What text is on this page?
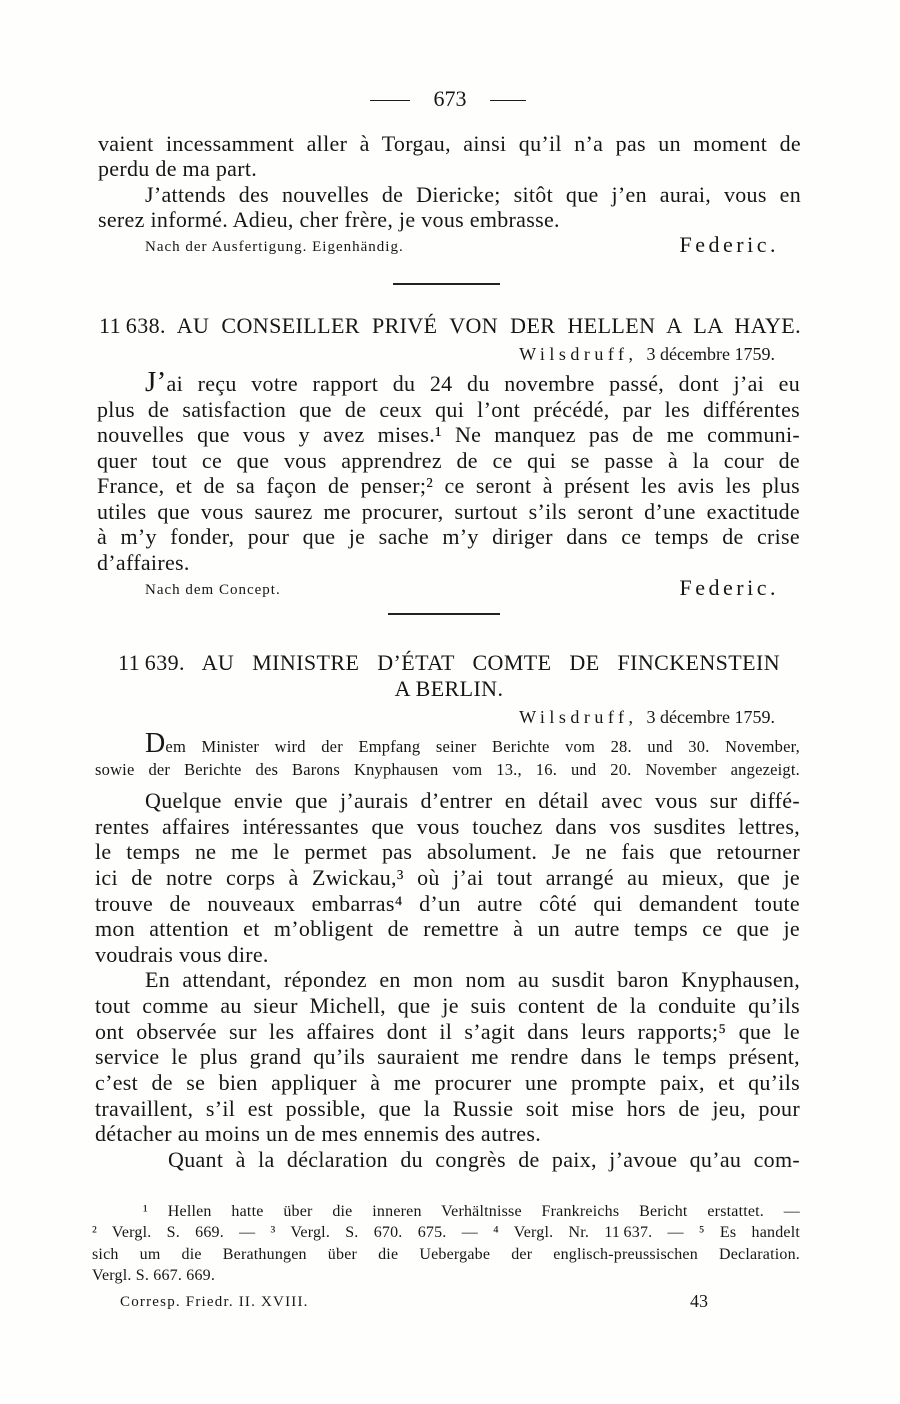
673
vaient incessamment aller à Torgau, ainsi qu’il n’a pas un moment de
perdu de ma part.
J’attends des nouvelles de Diericke; sitôt que j’en aurai, vous en
serez informé. Adieu, cher frère, je vous embrasse.
Nach der Ausfertigung. Eigenhändig.	Federic.
11 638. AU CONSEILLER PRIVÉ VON DER HELLEN A LA HAYE.
Wilsdruff, 3 décembre 1759.
J’ai reçu votre rapport du 24 du novembre passé, dont j’ai eu
plus de satisfaction que de ceux qui l’ont précédé, par les différentes
nouvelles que vous y avez mises.¹ Ne manquez pas de me communi-
quer tout ce que vous apprendrez de ce qui se passe à la cour de
France, et de sa façon de penser;² ce seront à présent les avis les plus
utiles que vous saurez me procurer, surtout s’ils seront d’une exactitude
à m’y fonder, pour que je sache m’y diriger dans ce temps de crise
d’affaires.
Nach dem Concept.	Federic.
11 639. AU MINISTRE D’ÉTAT COMTE DE FINCKENSTEIN
A BERLIN.
Wilsdruff, 3 décembre 1759.
Dem Minister wird der Empfang seiner Berichte vom 28. und 30. November,
sowie der Berichte des Barons Knyphausen vom 13., 16. und 20. November angezeigt.
Quelque envie que j’aurais d’entrer en détail avec vous sur diffé-
rentes affaires intéressantes que vous touchez dans vos susdites lettres,
le temps ne me le permet pas absolument. Je ne fais que retourner
ici de notre corps à Zwickau,³ où j’ai tout arrangé au mieux, que je
trouve de nouveaux embarras⁴ d’un autre côté qui demandent toute
mon attention et m’obligent de remettre à un autre temps ce que je
voudrais vous dire.
En attendant, répondez en mon nom au susdit baron Knyphausen,
tout comme au sieur Michell, que je suis content de la conduite qu’ils
ont observée sur les affaires dont il s’agit dans leurs rapports;⁵ que le
service le plus grand qu’ils sauraient me rendre dans le temps présent,
c’est de se bien appliquer à me procurer une prompte paix, et qu’ils
travaillent, s’il est possible, que la Russie soit mise hors de jeu, pour
détacher au moins un de mes ennemis des autres.
Quant à la déclaration du congrès de paix, j’avoue qu’au com-
¹ Hellen hatte über die inneren Verhältnisse Frankreichs Bericht erstattet. —
² Vergl. S. 669. — ³ Vergl. S. 670. 675. — ⁴ Vergl. Nr. 11 637. — ⁵ Es handelt
sich um die Berathungen über die Uebergabe der englisch-preussischen Declaration.
Vergl. S. 667. 669.
Corresp. Friedr. II. XVIII.	43
